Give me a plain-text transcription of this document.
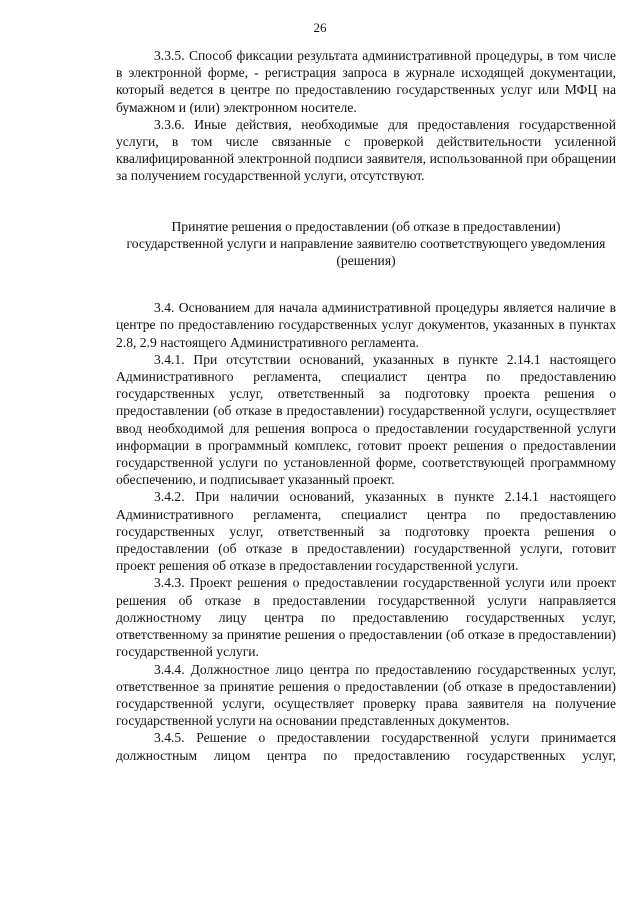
26

3.3.5. Способ фиксации результата административной процедуры, в том числе в электронной форме, - регистрация запроса в журнале исходящей документации, который ведется в центре по предоставлению государственных услуг или МФЦ на бумажном и (или) электронном носителе.

3.3.6. Иные действия, необходимые для предоставления государственной услуги, в том числе связанные с проверкой действительности усиленной квалифицированной электронной подписи заявителя, использованной при обращении за получением государственной услуги, отсутствуют.

Принятие решения о предоставлении (об отказе в предоставлении) государственной услуги и направление заявителю соответствующего уведомления (решения)

3.4. Основанием для начала административной процедуры является наличие в центре по предоставлению государственных услуг документов, указанных в пунктах 2.8, 2.9 настоящего Административного регламента.

3.4.1. При отсутствии оснований, указанных в пункте 2.14.1 настоящего Административного регламента, специалист центра по предоставлению государственных услуг, ответственный за подготовку проекта решения о предоставлении (об отказе в предоставлении) государственной услуги, осуществляет ввод необходимой для решения вопроса о предоставлении государственной услуги информации в программный комплекс, готовит проект решения о предоставлении государственной услуги по установленной форме, соответствующей программному обеспечению, и подписывает указанный проект.

3.4.2. При наличии оснований, указанных в пункте 2.14.1 настоящего Административного регламента, специалист центра по предоставлению государственных услуг, ответственный за подготовку проекта решения о предоставлении (об отказе в предоставлении) государственной услуги, готовит проект решения об отказе в предоставлении государственной услуги.

3.4.3. Проект решения о предоставлении государственной услуги или проект решения об отказе в предоставлении государственной услуги направляется должностному лицу центра по предоставлению государственных услуг, ответственному за принятие решения о предоставлении (об отказе в предоставлении) государственной услуги.

3.4.4. Должностное лицо центра по предоставлению государственных услуг, ответственное за принятие решения о предоставлении (об отказе в предоставлении) государственной услуги, осуществляет проверку права заявителя на получение государственной услуги на основании представленных документов.

3.4.5. Решение о предоставлении государственной услуги принимается должностным лицом центра по предоставлению государственных услуг,
